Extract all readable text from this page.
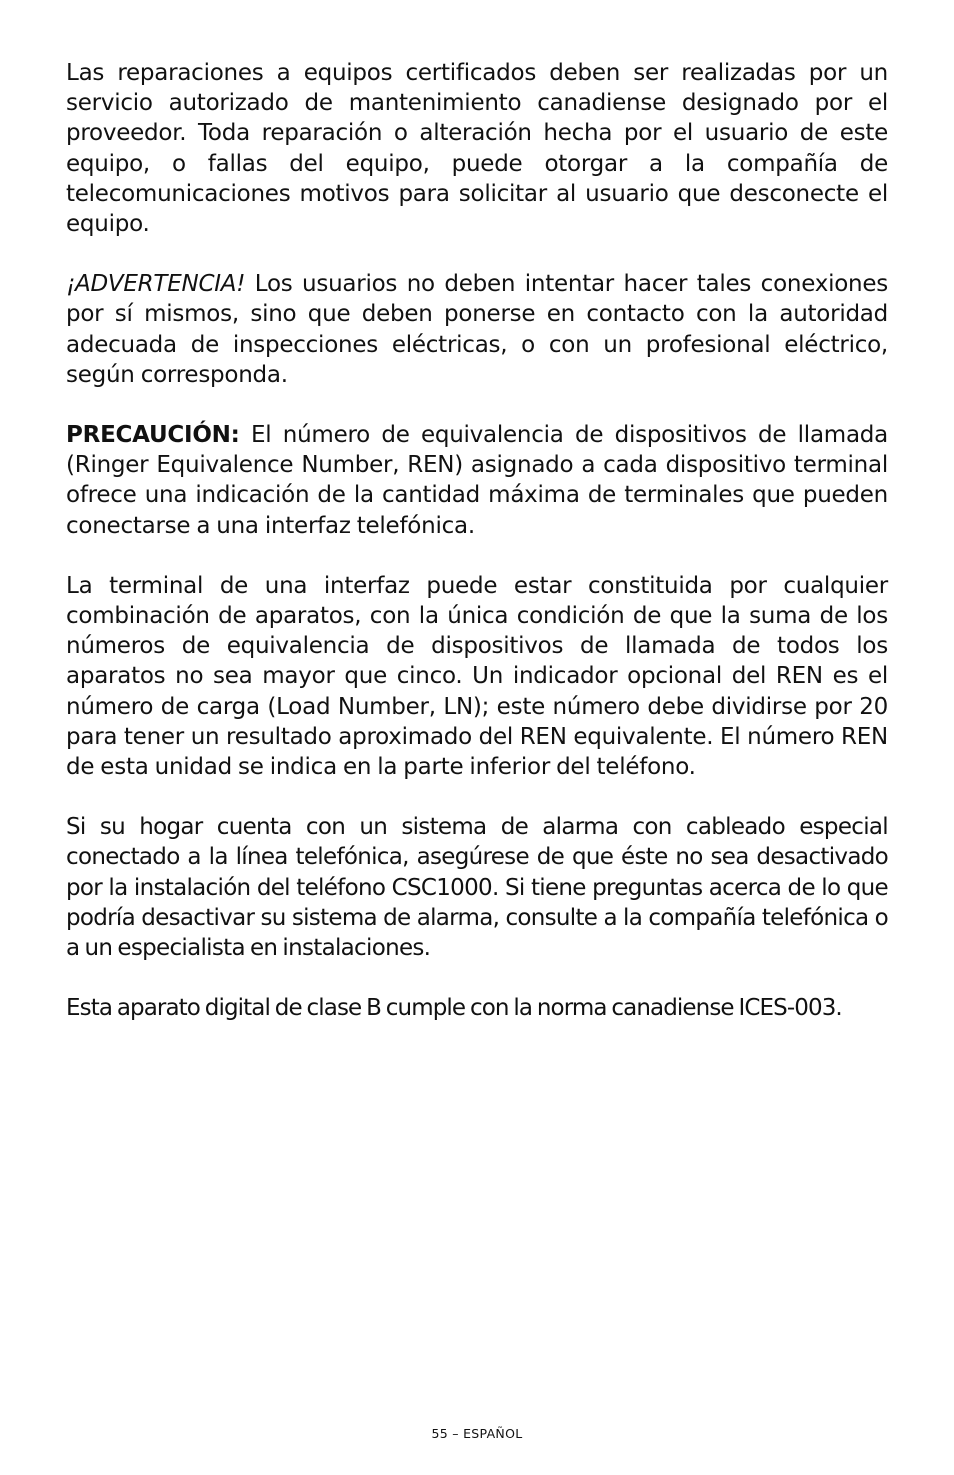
Las reparaciones a equipos certificados deben ser realizadas por un servicio autorizado de mantenimiento canadiense designado por el proveedor. Toda reparación o alteración hecha por el usuario de este equipo, o fallas del equipo, puede otorgar a la compañía de telecomunicaciones motivos para solicitar al usuario que desconecte el equipo.

¡ADVERTENCIA! Los usuarios no deben intentar hacer tales conexiones por sí mismos, sino que deben ponerse en contacto con la autoridad adecuada de inspecciones eléctricas, o con un profesional eléctrico, según corresponda.

PRECAUCIÓN: El número de equivalencia de dispositivos de llamada (Ringer Equivalence Number, REN) asignado a cada dispositivo terminal ofrece una indicación de la cantidad máxima de terminales que pueden conectarse a una interfaz telefónica.

La terminal de una interfaz puede estar constituida por cualquier combinación de aparatos, con la única condición de que la suma de los números de equivalencia de dispositivos de llamada de todos los aparatos no sea mayor que cinco. Un indicador opcional del REN es el número de carga (Load Number, LN); este número debe dividirse por 20 para tener un resultado aproximado del REN equivalente. El número REN de esta unidad se indica en la parte inferior del teléfono.

Si su hogar cuenta con un sistema de alarma con cableado especial conectado a la línea telefónica, asegúrese de que éste no sea desactivado por la instalación del teléfono CSC1000. Si tiene preguntas acerca de lo que podría desactivar su sistema de alarma, consulte a la compañía telefónica o a un especialista en instalaciones.

Esta aparato digital de clase B cumple con la norma canadiense ICES-003.

55 – ESPAÑOL
